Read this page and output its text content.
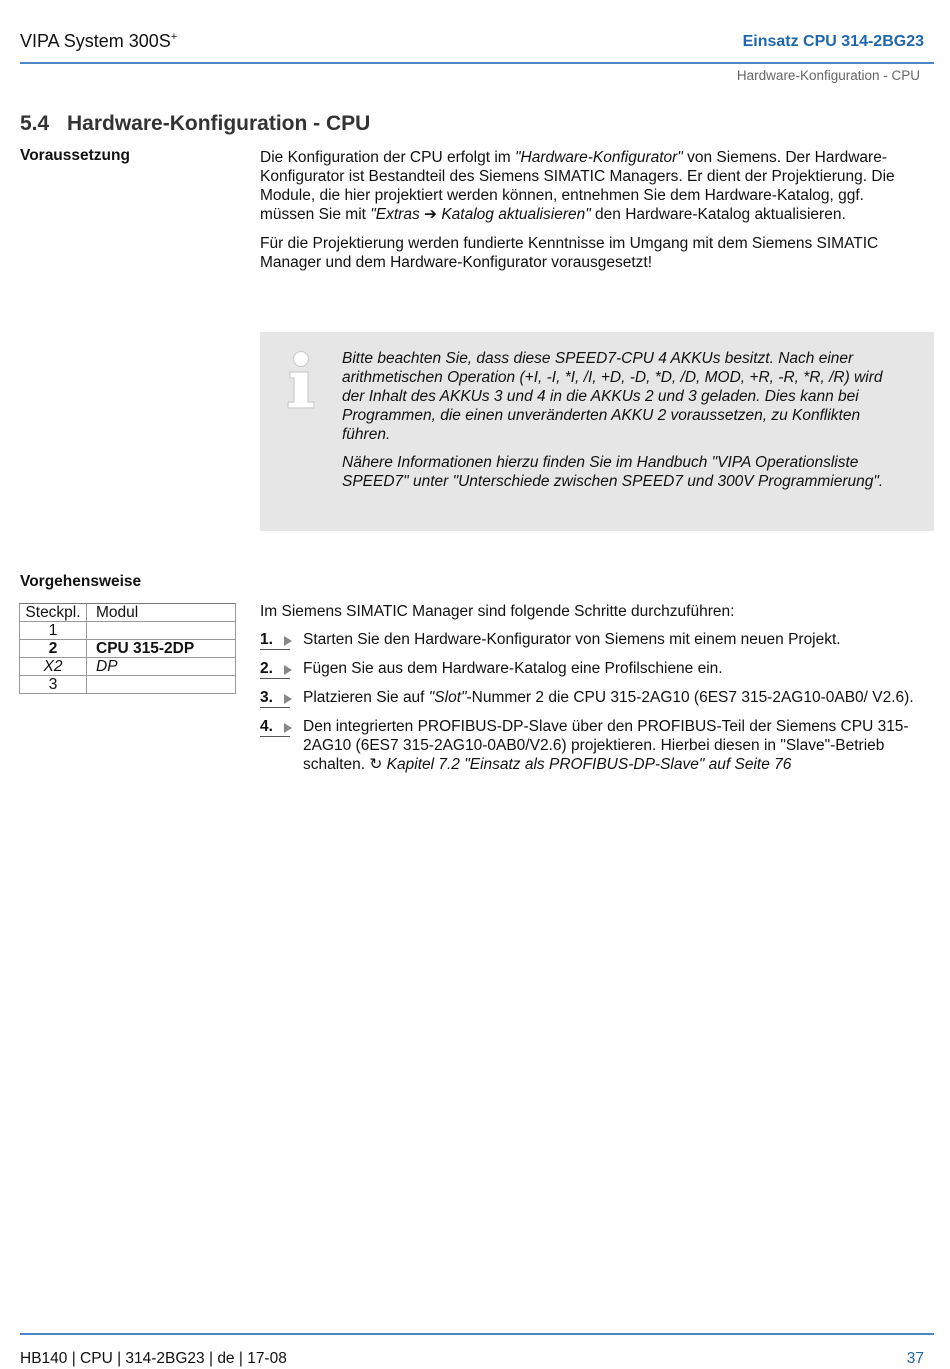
VIPA System 300S+	Einsatz CPU 314-2BG23
Hardware-Konfiguration - CPU
5.4 Hardware-Konfiguration - CPU
Voraussetzung	Die Konfiguration der CPU erfolgt im "Hardware-Konfigurator" von Siemens. Der Hardware-Konfigurator ist Bestandteil des Siemens SIMATIC Managers. Er dient der Projektierung. Die Module, die hier projektiert werden können, entnehmen Sie dem Hardware-Katalog, ggf. müssen Sie mit "Extras ➔ Katalog aktualisieren" den Hardware-Katalog aktualisieren.

Für die Projektierung werden fundierte Kenntnisse im Umgang mit dem Siemens SIMATIC Manager und dem Hardware-Konfigurator vorausgesetzt!

Bitte beachten Sie, dass diese SPEED7-CPU 4 AKKUs besitzt. Nach einer arithmetischen Operation (+I, -I, *I, /I, +D, -D, *D, /D, MOD, +R, -R, *R, /R) wird der Inhalt des AKKUs 3 und 4 in die AKKUs 2 und 3 geladen. Dies kann bei Programmen, die einen unveränderten AKKU 2 voraussetzen, zu Konflikten führen.

Nähere Informationen hierzu finden Sie im Handbuch "VIPA Operationsliste SPEED7" unter "Unterschiede zwischen SPEED7 und 300V Programmierung".

Vorgehensweise
Steckpl.	Modul
1	
2	CPU 315-2DP
X2	DP
3	
Im Siemens SIMATIC Manager sind folgende Schritte durchzuführen:
1.	Starten Sie den Hardware-Konfigurator von Siemens mit einem neuen Projekt.
2.	Fügen Sie aus dem Hardware-Katalog eine Profilschiene ein.
3.	Platzieren Sie auf "Slot"-Nummer 2 die CPU 315-2AG10 (6ES7 315-2AG10-0AB0/ V2.6).
4.	Den integrierten PROFIBUS-DP-Slave über den PROFIBUS-Teil der Siemens CPU 315-2AG10 (6ES7 315-2AG10-0AB0/V2.6) projektieren. Hierbei diesen in "Slave"-Betrieb schalten. ↻ Kapitel 7.2 "Einsatz als PROFIBUS-DP-Slave" auf Seite 76
HB140 | CPU | 314-2BG23 | de | 17-08	37
